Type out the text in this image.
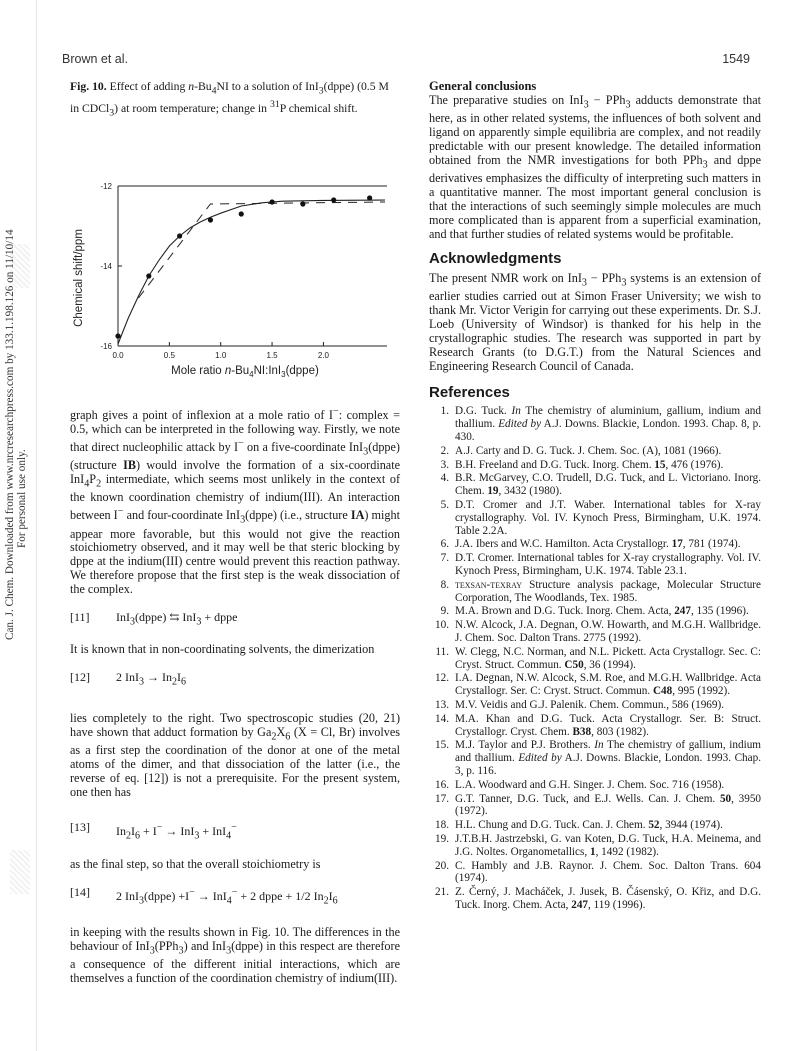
Can. J. Chem. Downloaded from www.nrcresearchpress.com by 133.1.198.126 on 11/10/14 For personal use only.
Brown et al.	1549

Fig. 10. Effect of adding $n-Bu_4NI$ to a solution of InI$_3$(dppe) (0.5 M in CDCl$_3$) at room temperature; change in $^{31}$P chemical shift.

0.0	0.5	1.0	1.5	2.0
-12
-14
-16
Mole ratio $n-Bu_4NI:InI_3(dppe)$
Chemical shift/ppm

graph gives a point of inflexion at a mole ratio of I−: complex = 0.5, which can be interpreted in the following way. Firstly, we note that direct nucleophilic attack by I− on a five-coordinate InI$_3$(dppe) (structure IB) would involve the formation of a six-coordinate $InI_4P_2$ intermediate, which seems most unlikely in the context of the known coordination chemistry of indium(III). An interaction between I− and four-coordinate InI$_3$(dppe) (i.e., structure IA) might appear more favorable, but this would not give the reaction stoichiometry observed, and it may well be that steric blocking by dppe at the indium(III) centre would prevent this reaction pathway. We therefore propose that the first step is the weak dissociation of the complex.

[11]	InI$_3$(dppe) ⇆ InI$_3$ + dppe

It is known that in non-coordinating solvents, the dimerization

[12]	2 $InI_3 \to In_2I_6$

lies completely to the right. Two spectroscopic studies (20, 21) have shown that adduct formation by $Ga_2X_6$ (X = Cl, Br) involves as a first step the coordination of the donor at one of the metal atoms of the dimer, and that dissociation of the latter (i.e., the reverse of eq. [12]) is not a prerequisite. For the present system, one then has

[13]	$In_2I_6 + I^- \to InI_3 + InI_4^-$

as the final step, so that the overall stoichiometry is

[14]	2 InI$_3$(dppe) +I− → InI$_4$− + 2 dppe + 1/2 $In_2I_6$

in keeping with the results shown in Fig. 10. The differences in the behaviour of InI$_3$(PPh$_3$) and InI$_3$(dppe) in this respect are therefore a consequence of the different initial interactions, which are themselves a function of the coordination chemistry of indium(III).

General conclusions

The preparative studies on InI$_3$ − PPh$_3$ adducts demonstrate that here, as in other related systems, the influences of both solvent and ligand on apparently simple equilibria are complex, and not readily predictable with our present knowledge. The detailed information obtained from the NMR investigations for both PPh$_3$ and dppe derivatives emphasizes the difficulty of interpreting such matters in a quantitative manner. The most important general conclusion is that the interactions of such seemingly simple molecules are much more complicated than is apparent from a superficial examination, and that further studies of related systems would be profitable.

Acknowledgments

The present NMR work on InI$_3$ − PPh$_3$ systems is an extension of earlier studies carried out at Simon Fraser University; we wish to thank Mr. Victor Verigin for carrying out these experiments. Dr. S.J. Loeb (University of Windsor) is thanked for his help in the crystallographic studies. The research was supported in part by Research Grants (to D.G.T.) from the Natural Sciences and Engineering Research Council of Canada.

References
1. D.G. Tuck. In The chemistry of aluminium, gallium, indium and thallium. Edited by A.J. Downs. Blackie, London. 1993. Chap. 8, p. 430.
2. A.J. Carty and D. G. Tuck. J. Chem. Soc. (A), 1081 (1966).
3. B.H. Freeland and D.G. Tuck. Inorg. Chem. 15, 476 (1976).
4. B.R. McGarvey, C.O. Trudell, D.G. Tuck, and L. Victoriano. Inorg. Chem. 19, 3432 (1980).
5. D.T. Cromer and J.T. Waber. International tables for X-ray crystallography. Vol. IV. Kynoch Press, Birmingham, U.K. 1974. Table 2.2A.
6. J.A. Ibers and W.C. Hamilton. Acta Crystallogr. 17, 781 (1974).
7. D.T. Cromer. International tables for X-ray crystallography. Vol. IV. Kynoch Press, Birmingham, U.K. 1974. Table 23.1.
8. texsan-texray Structure analysis package, Molecular Structure Corporation, The Woodlands, Tex. 1985.
9. M.A. Brown and D.G. Tuck. Inorg. Chem. Acta, 247, 135 (1996).
10. N.W. Alcock, J.A. Degnan, O.W. Howarth, and M.G.H. Wallbridge. J. Chem. Soc. Dalton Trans. 2775 (1992).
11. W. Clegg, N.C. Norman, and N.L. Pickett. Acta Crystallogr. Sec. C: Cryst. Struct. Commun. C50, 36 (1994).
12. I.A. Degnan, N.W. Alcock, S.M. Roe, and M.G.H. Wallbridge. Acta Crystallogr. Ser. C: Cryst. Struct. Commun. C48, 995 (1992).
13. M.V. Veidis and G.J. Palenik. Chem. Commun., 586 (1969).
14. M.A. Khan and D.G. Tuck. Acta Crystallogr. Ser. B: Struct. Crystallogr. Cryst. Chem. B38, 803 (1982).
15. M.J. Taylor and P.J. Brothers. In The chemistry of gallium, indium and thallium. Edited by A.J. Downs. Blackie, London. 1993. Chap. 3, p. 116.
16. L.A. Woodward and G.H. Singer. J. Chem. Soc. 716 (1958).
17. G.T. Tanner, D.G. Tuck, and E.J. Wells. Can. J. Chem. 50, 3950 (1972).
18. H.L. Chung and D.G. Tuck. Can. J. Chem. 52, 3944 (1974).
19. J.T.B.H. Jastrzebski, G. van Koten, D.G. Tuck, H.A. Meinema, and J.G. Noltes. Organometallics, 1, 1492 (1982).
20. C. Hambly and J.B. Raynor. J. Chem. Soc. Dalton Trans. 604 (1974).
21. Z. Černý, J. Macháček, J. Jusek, B. Čásenský, O. Křiz, and D.G. Tuck. Inorg. Chem. Acta, 247, 119 (1996).
